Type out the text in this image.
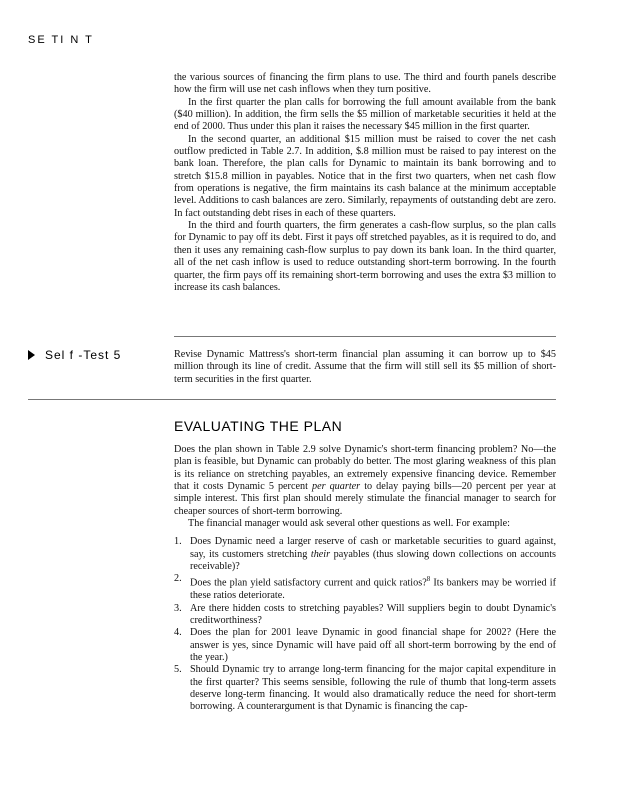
SE TI N T

the various sources of financing the firm plans to use. The third and fourth panels describe how the firm will use net cash inflows when they turn positive.

In the first quarter the plan calls for borrowing the full amount available from the bank ($40 million). In addition, the firm sells the $5 million of marketable securities it held at the end of 2000. Thus under this plan it raises the necessary $45 million in the first quarter.

In the second quarter, an additional $15 million must be raised to cover the net cash outflow predicted in Table 2.7. In addition, $.8 million must be raised to pay interest on the bank loan. Therefore, the plan calls for Dynamic to maintain its bank borrowing and to stretch $15.8 million in payables. Notice that in the first two quarters, when net cash flow from operations is negative, the firm maintains its cash balance at the minimum acceptable level. Additions to cash balances are zero. Similarly, repayments of outstanding debt are zero. In fact outstanding debt rises in each of these quarters.

In the third and fourth quarters, the firm generates a cash-flow surplus, so the plan calls for Dynamic to pay off its debt. First it pays off stretched payables, as it is required to do, and then it uses any remaining cash-flow surplus to pay down its bank loan. In the third quarter, all of the net cash inflow is used to reduce outstanding short-term borrowing. In the fourth quarter, the firm pays off its remaining short-term borrowing and uses the extra $3 million to increase its cash balances.

Sel f -Test 5	Revise Dynamic Mattress's short-term financial plan assuming it can borrow up to $45 million through its line of credit. Assume that the firm will still sell its $5 million of short-term securities in the first quarter.

EVALUATING THE PLAN

Does the plan shown in Table 2.9 solve Dynamic's short-term financing problem? No—the plan is feasible, but Dynamic can probably do better. The most glaring weakness of this plan is its reliance on stretching payables, an extremely expensive financing device. Remember that it costs Dynamic 5 percent per quarter to delay paying bills—20 percent per year at simple interest. This first plan should merely stimulate the financial manager to search for cheaper sources of short-term borrowing.

The financial manager would ask several other questions as well. For example:

1. Does Dynamic need a larger reserve of cash or marketable securities to guard against, say, its customers stretching their payables (thus slowing down collections on accounts receivable)?
2. Does the plan yield satisfactory current and quick ratios?$^8$ Its bankers may be worried if these ratios deteriorate.
3. Are there hidden costs to stretching payables? Will suppliers begin to doubt Dynamic's creditworthiness?
4. Does the plan for 2001 leave Dynamic in good financial shape for 2002? (Here the answer is yes, since Dynamic will have paid off all short-term borrowing by the end of the year.)
5. Should Dynamic try to arrange long-term financing for the major capital expenditure in the first quarter? This seems sensible, following the rule of thumb that long-term assets deserve long-term financing. It would also dramatically reduce the need for short-term borrowing. A counterargument is that Dynamic is financing the cap-
